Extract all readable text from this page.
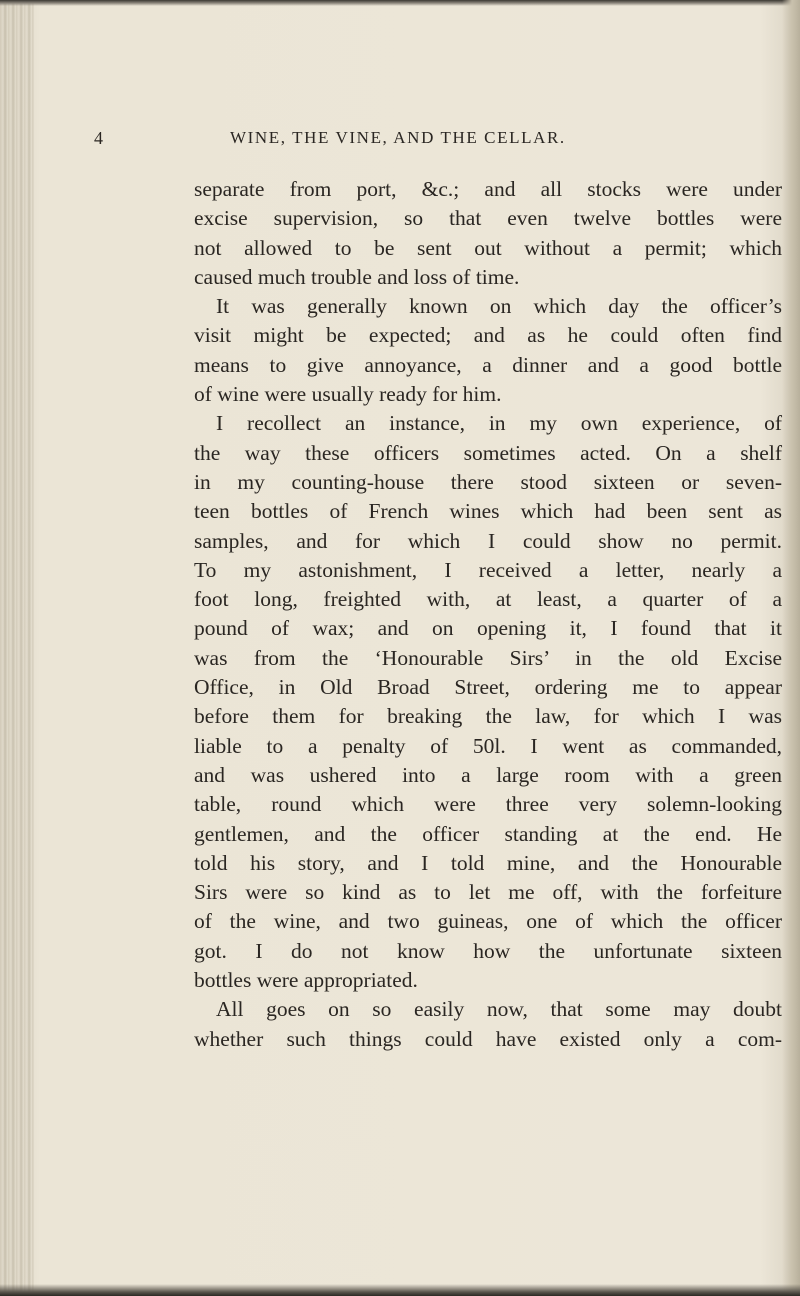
4	WINE, THE VINE, AND THE CELLAR.
separate from port, &c.; and all stocks were under
excise supervision, so that even twelve bottles were
not allowed to be sent out without a permit; which
caused much trouble and loss of time.
It was generally known on which day the officer’s
visit might be expected; and as he could often find
means to give annoyance, a dinner and a good bottle
of wine were usually ready for him.
I recollect an instance, in my own experience, of
the way these officers sometimes acted. On a shelf
in my counting-house there stood sixteen or seven-
teen bottles of French wines which had been sent as
samples, and for which I could show no permit.
To my astonishment, I received a letter, nearly a
foot long, freighted with, at least, a quarter of a
pound of wax; and on opening it, I found that it
was from the ‘Honourable Sirs’ in the old Excise
Office, in Old Broad Street, ordering me to appear
before them for breaking the law, for which I was
liable to a penalty of 50l. I went as commanded,
and was ushered into a large room with a green
table, round which were three very solemn-looking
gentlemen, and the officer standing at the end. He
told his story, and I told mine, and the Honourable
Sirs were so kind as to let me off, with the forfeiture
of the wine, and two guineas, one of which the officer
got. I do not know how the unfortunate sixteen
bottles were appropriated.
All goes on so easily now, that some may doubt
whether such things could have existed only a com-
